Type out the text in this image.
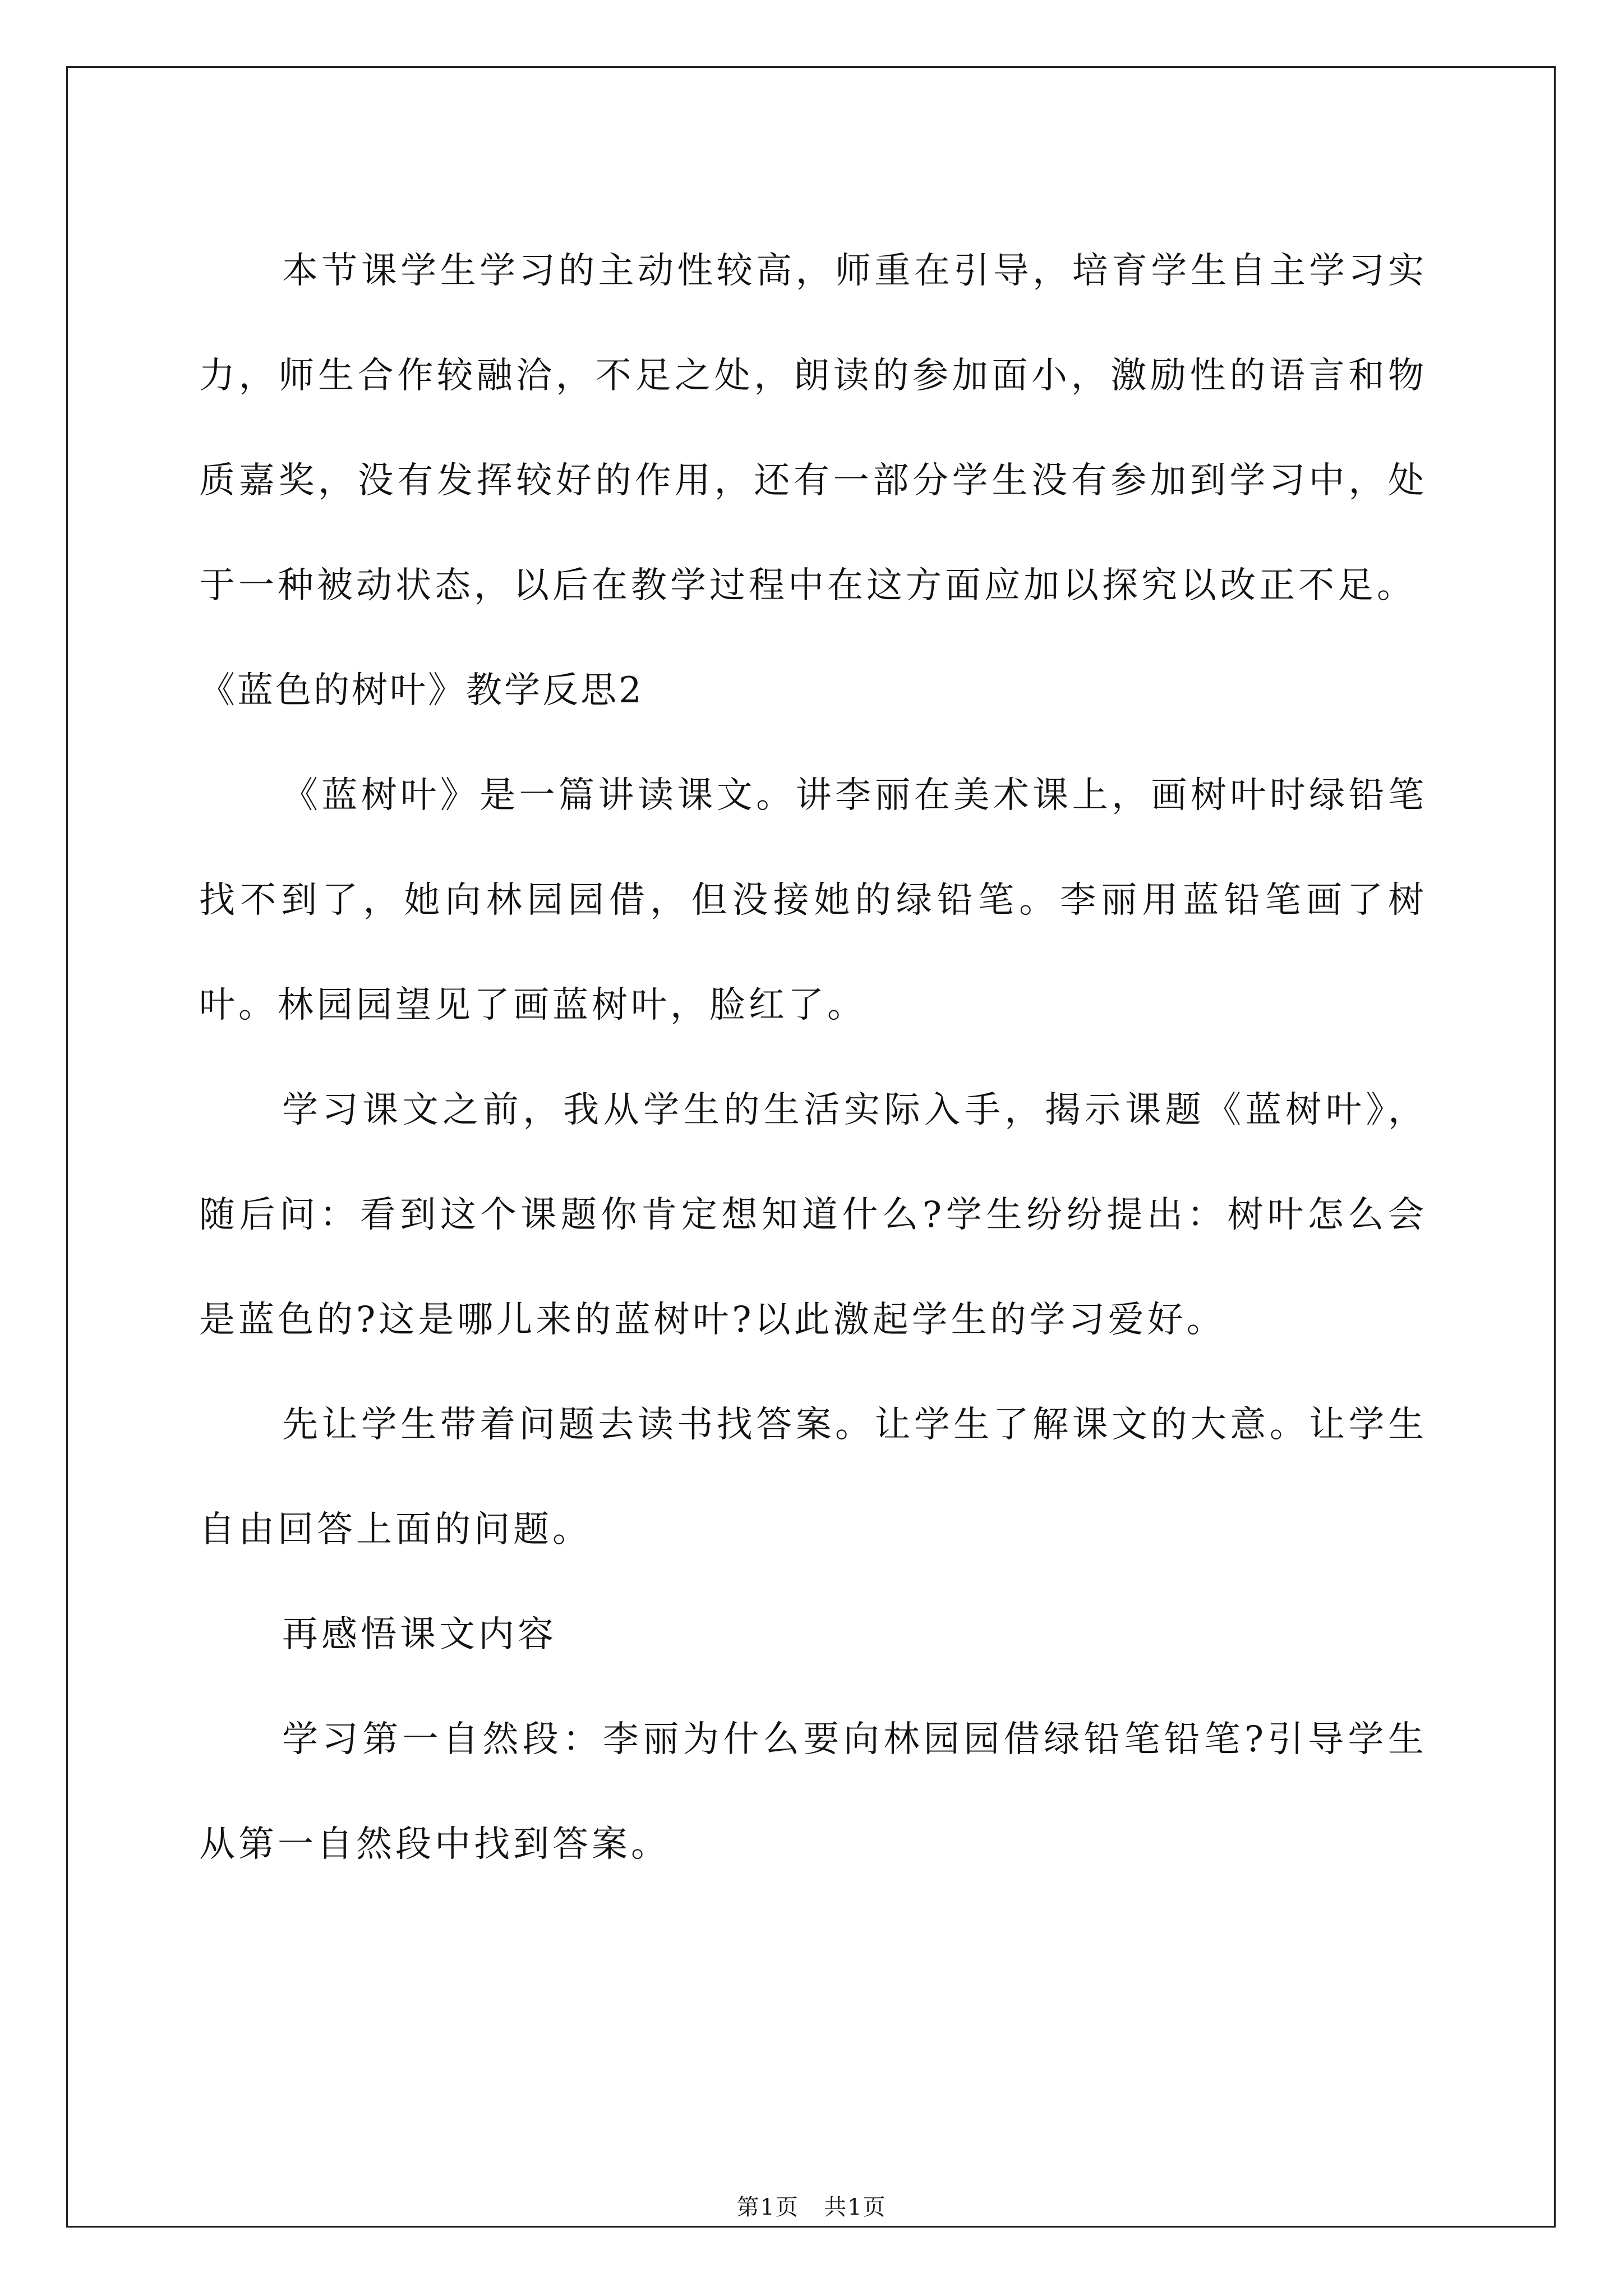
本节课学生学习的主动性较高，师重在引导，培育学生自主学习实力，师生合作较融洽，不足之处，朗读的参加面小，激励性的语言和物质嘉奖，没有发挥较好的作用，还有一部分学生没有参加到学习中，处于一种被动状态，以后在教学过程中在这方面应加以探究以改正不足。

《蓝色的树叶》教学反思2

《蓝树叶》是一篇讲读课文。讲李丽在美术课上，画树叶时绿铅笔找不到了，她向林园园借，但没接她的绿铅笔。李丽用蓝铅笔画了树叶。林园园望见了画蓝树叶，脸红了。

学习课文之前，我从学生的生活实际入手，揭示课题《蓝树叶》，随后问：看到这个课题你肯定想知道什么?学生纷纷提出：树叶怎么会是蓝色的?这是哪儿来的蓝树叶?以此激起学生的学习爱好。

先让学生带着问题去读书找答案。让学生了解课文的大意。让学生自由回答上面的问题。

再感悟课文内容

学习第一自然段：李丽为什么要向林园园借绿铅笔铅笔?引导学生从第一自然段中找到答案。

第1页 共1页
